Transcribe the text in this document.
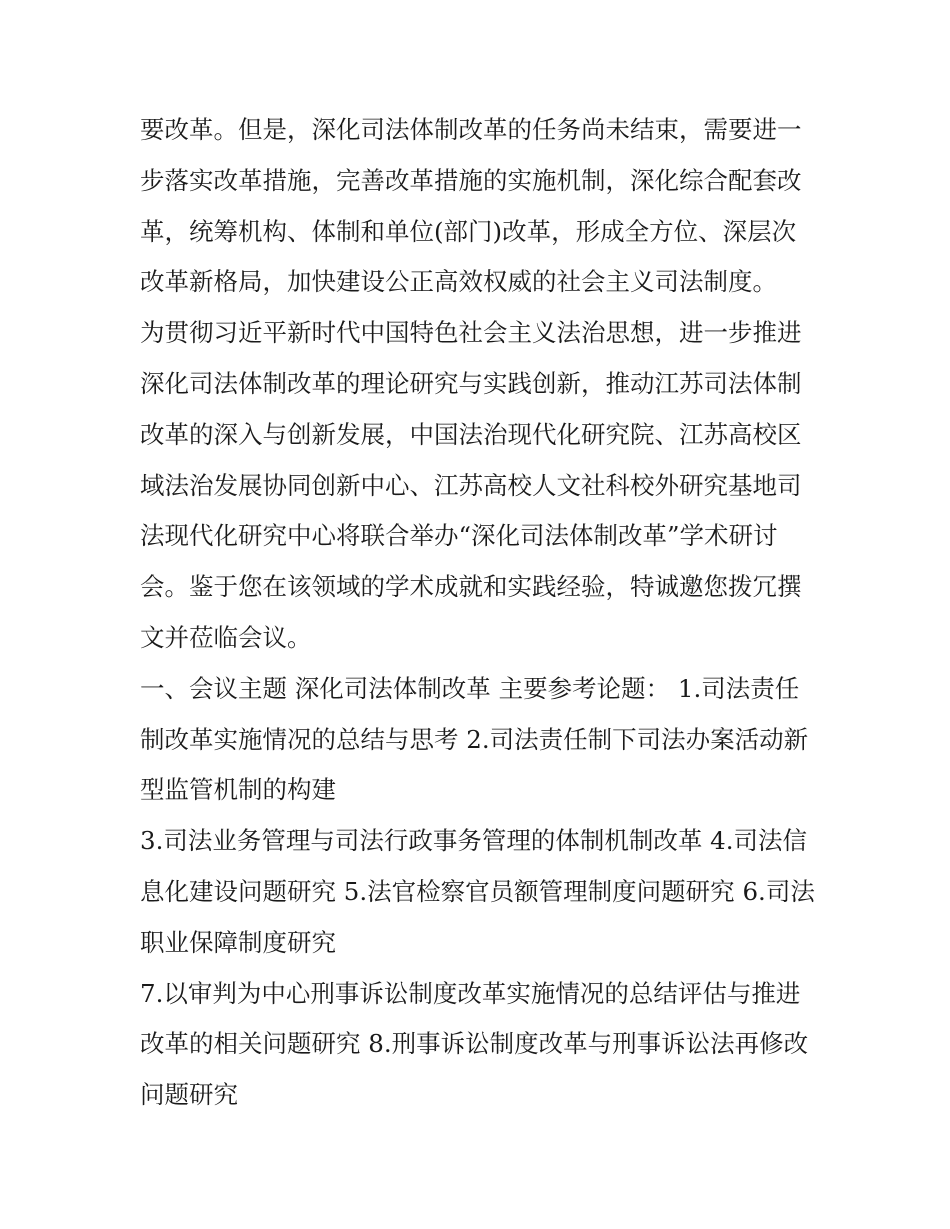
要改革。但是，深化司法体制改革的任务尚未结束，需要进一
步落实改革措施，完善改革措施的实施机制，深化综合配套改
革，统筹机构、体制和单位(部门)改革，形成全方位、深层次
改革新格局，加快建设公正高效权威的社会主义司法制度。
为贯彻习近平新时代中国特色社会主义法治思想，进一步推进
深化司法体制改革的理论研究与实践创新，推动江苏司法体制
改革的深入与创新发展，中国法治现代化研究院、江苏高校区
域法治发展协同创新中心、江苏高校人文社科校外研究基地司
法现代化研究中心将联合举办“深化司法体制改革”学术研讨
会。鉴于您在该领域的学术成就和实践经验，特诚邀您拨冗撰
文并莅临会议。
一、会议主题 深化司法体制改革 主要参考论题： 1.司法责任
制改革实施情况的总结与思考 2.司法责任制下司法办案活动新
型监管机制的构建
3.司法业务管理与司法行政事务管理的体制机制改革 4.司法信
息化建设问题研究 5.法官检察官员额管理制度问题研究 6.司法
职业保障制度研究
7.以审判为中心刑事诉讼制度改革实施情况的总结评估与推进
改革的相关问题研究 8.刑事诉讼制度改革与刑事诉讼法再修改
问题研究
